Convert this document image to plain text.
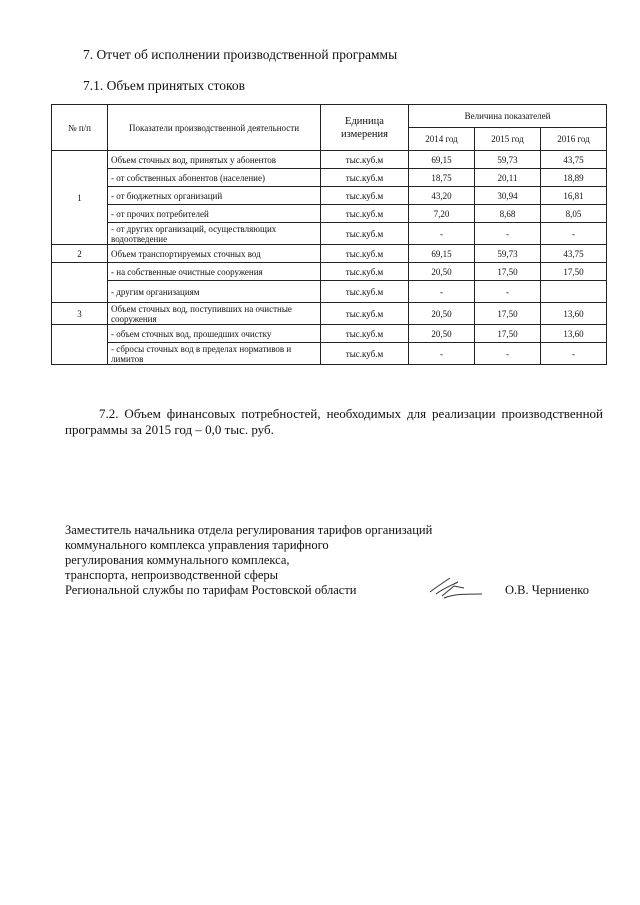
7. Отчет об исполнении производственной программы
7.1. Объем принятых стоков
№ п/п	Показатели производственной деятельности	Единица измерения	Величина показателей		
			2014 год	2015 год	2016 год
1	Объем сточных вод, принятых у абонентов	тыс.куб.м	69,15	59,73	43,75
	- от собственных абонентов (население)	тыс.куб.м	18,75	20,11	18,89
	- от бюджетных организаций	тыс.куб.м	43,20	30,94	16,81
	- от прочих потребителей	тыс.куб.м	7,20	8,68	8,05
	- от других организаций, осуществляющих водоотведение	тыс.куб.м	-	-	-
2	Объем транспортируемых сточных вод	тыс.куб.м	69,15	59,73	43,75
	- на собственные очистные сооружения	тыс.куб.м	20,50	17,50	17,50
	- другим организациям	тыс.куб.м	-	-	
3	Объем сточных вод, поступивших на очистные сооружения	тыс.куб.м	20,50	17,50	13,60
	- объем сточных вод, прошедших очистку	тыс.куб.м	20,50	17,50	13,60
	- сбросы сточных вод в пределах нормативов и лимитов	тыс.куб.м	-	-	-
7.2. Объем финансовых потребностей, необходимых для реализации производственной программы за 2015 год – 0,0 тыс. руб.
Заместитель начальника отдела регулирования тарифов организаций
коммунального комплекса управления тарифного
регулирования коммунального комплекса,
транспорта, непроизводственной сферы
Региональной службы по тарифам Ростовской области	О.В. Черниенко
